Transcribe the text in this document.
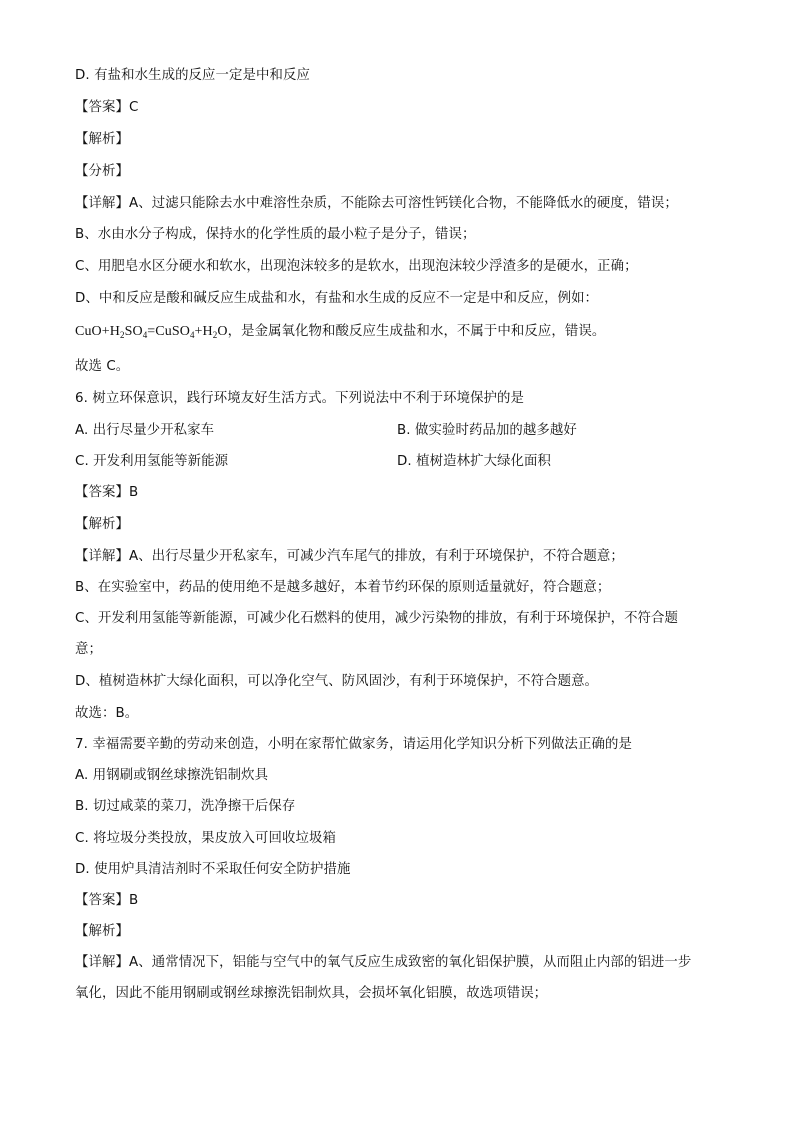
D. 有盐和水生成的反应一定是中和反应
【答案】C
【解析】
【分析】
【详解】A、过滤只能除去水中难溶性杂质，不能除去可溶性钙镁化合物，不能降低水的硬度，错误；
B、水由水分子构成，保持水的化学性质的最小粒子是分子，错误；
C、用肥皂水区分硬水和软水，出现泡沫较多的是软水，出现泡沫较少浮渣多的是硬水，正确；
D、中和反应是酸和碱反应生成盐和水，有盐和水生成的反应不一定是中和反应，例如：
$CuO+H_2SO_4=CuSO_4+H_2O$，是金属氧化物和酸反应生成盐和水，不属于中和反应，错误。
故选 C。
6. 树立环保意识，践行环境友好生活方式。下列说法中不利于环境保护的是
A. 出行尽量少开私家车	B. 做实验时药品加的越多越好
C. 开发利用氢能等新能源	D. 植树造林扩大绿化面积
【答案】B
【解析】
【详解】A、出行尽量少开私家车，可减少汽车尾气的排放，有利于环境保护，不符合题意；
B、在实验室中，药品的使用绝不是越多越好，本着节约环保的原则适量就好，符合题意；
C、开发利用氢能等新能源，可减少化石燃料的使用，减少污染物的排放，有利于环境保护，不符合题
意；
D、植树造林扩大绿化面积，可以净化空气、防风固沙，有利于环境保护，不符合题意。
故选：B。
7. 幸福需要辛勤的劳动来创造，小明在家帮忙做家务，请运用化学知识分析下列做法正确的是
A. 用钢刷或钢丝球擦洗铝制炊具
B. 切过咸菜的菜刀，洗净擦干后保存
C. 将垃圾分类投放，果皮放入可回收垃圾箱
D. 使用炉具清洁剂时不采取任何安全防护措施
【答案】B
【解析】
【详解】A、通常情况下，铝能与空气中的氧气反应生成致密的氧化铝保护膜，从而阻止内部的铝进一步
氧化，因此不能用钢刷或钢丝球擦洗铝制炊具，会损坏氧化铝膜，故选项错误；
